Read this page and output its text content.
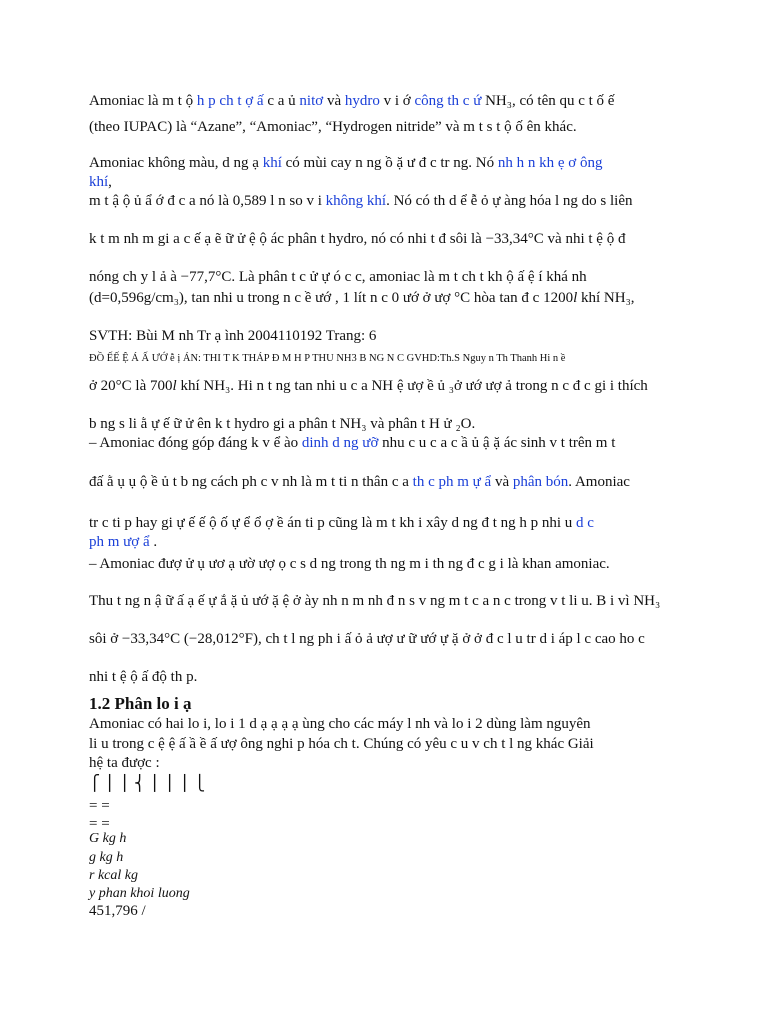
Amoniac là m t ộ h p ch t ợ ấ c a ủ nitơ và hydro v i ớ công th c ứ NH₃, có tên qu c t ố ế
(theo IUPAC) là “Azane”, “Amoniac”, “Hydrogen nitride” và m t s t ộ ố ên khác.
Amoniac không màu, d ng ạ khí có mùi cay n ng ồ ặ ư đ c tr ng. Nó nh h n kh ẹ ơ ông
khí,
m t ậ ộ ủ ẩ ớ đ c a nó là 0,589 l n so v i không khí. Nó có th d ể ễ ỏ ự àng hóa l ng do s liên
k t m nh m gi a c ế ạ ẽ ữ ử ệ ộ ác phân t hydro, nó có nhi t đ sôi là −33,34°C và nhi t ệ ộ đ
nóng ch y l ả à −77,7°C. Là phân t c ử ự ó c c, amoniac là m t ch t kh ộ ấ ệ í khá nh
(d=0,596g/cm₃), tan nhi u trong n c ề ướ , 1 lít n c 0 ướ ở ượ °C hòa tan đ c 1200l khí NH₃,
SVTH: Bùi M nh Tr ạ ình 2004110192 Trang: 6
ĐỒ ẾẾ Ệ Á Ấ ƯỚ ễ ị ÁN: THI T K THÁP Đ M H P THU NH3 B NG N C GVHD:Th.S Nguy n Th Thanh Hi n ề
ở 20°C là 700l khí NH₃. Hi n t ng tan nhi u c a NH ệ ượ ề ủ ₃ở ướ ượ ả trong n c đ c gi i thích
b ng s li ằ ự ế ữ ử ên k t hydro gi a phân t NH₃ và phân t H ử ₂O.
– Amoniac đóng góp đáng k v ể ào dinh d ng ưỡ nhu c u c a c ầ ủ ậ ặ ác sinh v t trên m t
đấ ằ ụ ụ ộ ề ủ t b ng cách ph c v nh là m t ti n thân c a th c ph m ự ẩ và phân bón. Amoniac
tr c ti p hay gi ự ế ế ộ ố ự ể ổ ợ ề án ti p cũng là m t kh i xây d ng đ t ng h p nhi u d c
ph m ượ ẩ .
– Amoniac đượ ử ụ ươ ạ ườ ượ ọ c s d ng trong th ng m i th ng đ c g i là khan amoniac.
Thu t ng n ậ ữ ấ ạ ế ự ắ ặ ủ ướ ặ ệ ở ày nh n m nh đ n s v ng m t c a n c trong v t li u. B i vì NH₃
sôi ở −33,34°C (−28,012°F), ch t l ng ph i ấ ỏ ả ượ ư ữ ướ ự ặ ở ở đ c l u tr d i áp l c cao ho c
nhi t ệ ộ ấ độ th p.
1.2 Phân lo i ạ
Amoniac có hai lo i, lo i 1 d ạ ạ ạ ạ ùng cho các máy l nh và lo i 2 dùng làm nguyên
li u trong c ệ ệ ấ ầ ề ấ ượ ông nghi p hóa ch t. Chúng có yêu c u v ch t l ng khác Giải
hệ ta được :
⎧ ⎪ ⎪ ⎨ ⎪ ⎪ ⎪ ⎩
= =
= =
G kg h
g kg h
r kcal kg
y phan khoi luong
451,796 /
